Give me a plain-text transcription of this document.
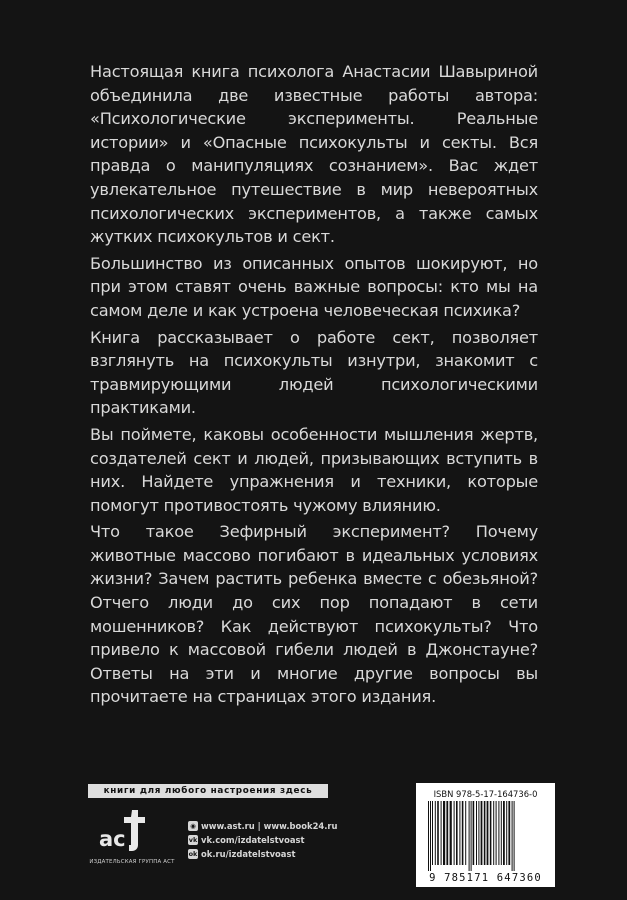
Настоящая книга психолога Анастасии Шавыриной объединила две известные работы автора: «Психологические эксперименты. Реальные истории» и «Опасные психокульты и секты. Вся правда о манипуляциях сознанием». Вас ждет увлекательное путешествие в мир невероятных психологических экспериментов, а также самых жутких психокультов и сект.

Большинство из описанных опытов шокируют, но при этом ставят очень важные вопросы: кто мы на самом деле и как устроена человеческая психика?

Книга рассказывает о работе сект, позволяет взглянуть на психокульты изнутри, знакомит с травмирующими людей психологическими практиками.

Вы поймете, каковы особенности мышления жертв, создателей сект и людей, призывающих вступить в них. Найдете упражнения и техники, которые помогут противостоять чужому влиянию.

Что такое Зефирный эксперимент? Почему животные массово погибают в идеальных условиях жизни? Зачем растить ребенка вместе с обезьяной? Отчего люди до сих пор попадают в сети мошенников? Как действуют психокульты? Что привело к массовой гибели людей в Джонстауне? Ответы на эти и многие другие вопросы вы прочитаете на страницах этого издания.

книги для любого настроения здесь
ас
ИЗДАТЕЛЬСКАЯ ГРУППА АСТ
◉ www.ast.ru | www.book24.ru
vk vk.com/izdatelstvoast
ok ok.ru/izdatelstvoast
ISBN 978-5-17-164736-0
9 785171 647360
